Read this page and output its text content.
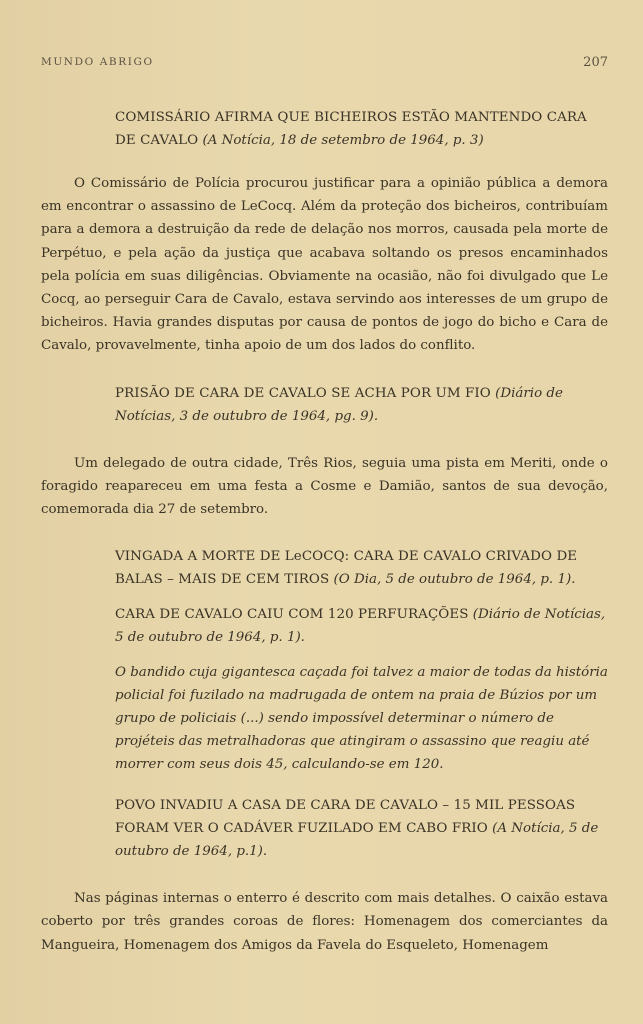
MUNDO ABRIGO	207
COMISSÁRIO AFIRMA QUE BICHEIROS ESTÃO MANTENDO CARA DE CAVALO (A Notícia, 18 de setembro de 1964, p. 3)

O Comissário de Polícia procurou justificar para a opinião pública a demora em encontrar o assassino de LeCocq. Além da proteção dos bicheiros, contribuíam para a demora a destruição da rede de delação nos morros, causada pela morte de Perpétuo, e pela ação da justiça que acabava soltando os presos encaminhados pela polícia em suas diligências. Obviamente na ocasião, não foi divulgado que Le Cocq, ao perseguir Cara de Cavalo, estava servindo aos interesses de um grupo de bicheiros. Havia grandes disputas por causa de pontos de jogo do bicho e Cara de Cavalo, provavelmente, tinha apoio de um dos lados do conflito.

PRISÃO DE CARA DE CAVALO SE ACHA POR UM FIO (Diário de Notícias, 3 de outubro de 1964, pg. 9).

Um delegado de outra cidade, Três Rios, seguia uma pista em Meriti, onde o foragido reapareceu em uma festa a Cosme e Damião, santos de sua devoção, comemorada dia 27 de setembro.

VINGADA A MORTE DE LeCOCQ: CARA DE CAVALO CRIVADO DE BALAS – MAIS DE CEM TIROS (O Dia, 5 de outubro de 1964, p. 1).
CARA DE CAVALO CAIU COM 120 PERFURAÇÕES (Diário de Notícias, 5 de outubro de 1964, p. 1).
O bandido cuja gigantesca caçada foi talvez a maior de todas da história policial foi fuzilado na madrugada de ontem na praia de Búzios por um grupo de policiais (...) sendo impossível determinar o número de projéteis das metralhadoras que atingiram o assassino que reagiu até morrer com seus dois 45, calculando-se em 120.
POVO INVADIU A CASA DE CARA DE CAVALO – 15 MIL PESSOAS FORAM VER O CADÁVER FUZILADO EM CABO FRIO (A Notícia, 5 de outubro de 1964, p.1).

Nas páginas internas o enterro é descrito com mais detalhes. O caixão estava coberto por três grandes coroas de flores: Homenagem dos comerciantes da Mangueira, Homenagem dos Amigos da Favela do Esqueleto, Homenagem
